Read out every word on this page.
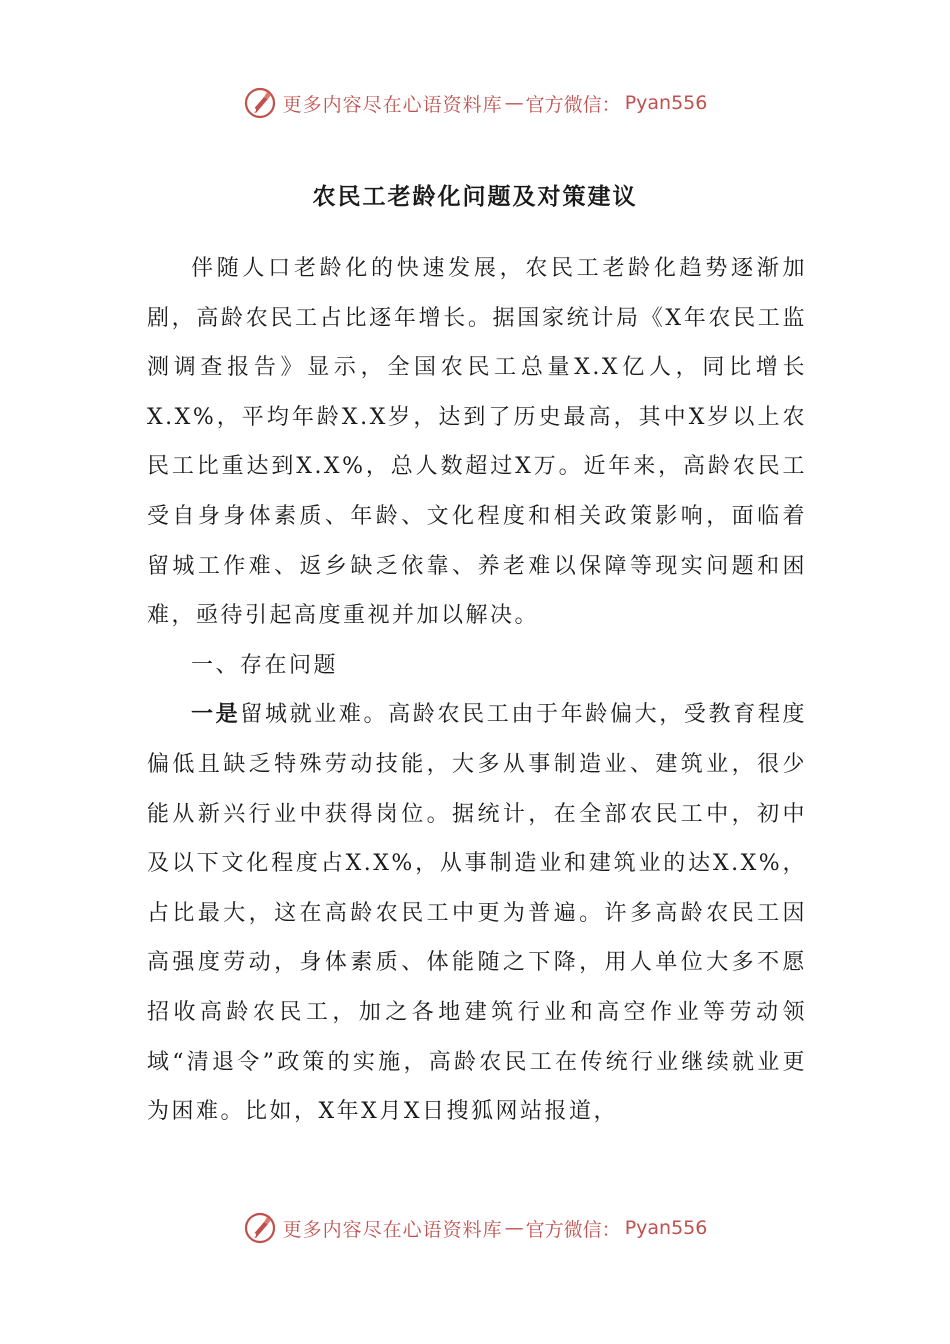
更多内容尽在心语资料库 — 官方微信： Pyan556
农民工老龄化问题及对策建议

伴随人口老龄化的快速发展，农民工老龄化趋势逐渐加剧，高龄农民工占比逐年增长。据国家统计局《X年农民工监测调查报告》显示，全国农民工总量X.X亿人，同比增长X.X%，平均年龄X.X岁，达到了历史最高，其中X岁以上农民工比重达到X.X%，总人数超过X万。近年来，高龄农民工受自身身体素质、年龄、文化程度和相关政策影响，面临着留城工作难、返乡缺乏依靠、养老难以保障等现实问题和困难，亟待引起高度重视并加以解决。

一、存在问题

一是留城就业难。高龄农民工由于年龄偏大，受教育程度偏低且缺乏特殊劳动技能，大多从事制造业、建筑业，很少能从新兴行业中获得岗位。据统计，在全部农民工中，初中及以下文化程度占X.X%，从事制造业和建筑业的达X.X%，占比最大，这在高龄农民工中更为普遍。许多高龄农民工因高强度劳动，身体素质、体能随之下降，用人单位大多不愿招收高龄农民工，加之各地建筑行业和高空作业等劳动领域“清退令”政策的实施，高龄农民工在传统行业继续就业更为困难。比如，X年X月X日搜狐网站报道，

更多内容尽在心语资料库 — 官方微信： Pyan556
